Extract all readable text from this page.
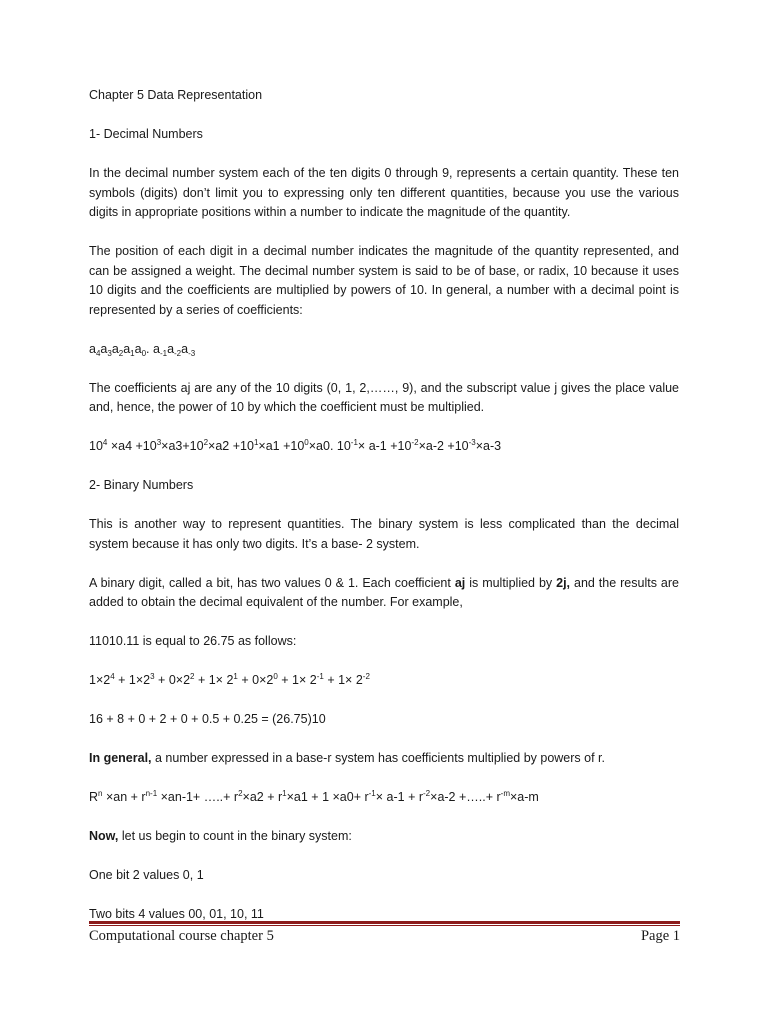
Chapter 5 Data Representation

1- Decimal Numbers

In the decimal number system each of the ten digits 0 through 9, represents a certain quantity. These ten symbols (digits) don’t limit you to expressing only ten different quantities, because you use the various digits in appropriate positions within a number to indicate the magnitude of the quantity.

The position of each digit in a decimal number indicates the magnitude of the quantity represented, and can be assigned a weight. The decimal number system is said to be of base, or radix, 10 because it uses 10 digits and the coefficients are multiplied by powers of 10. In general, a number with a decimal point is represented by a series of coefficients:

$a_4a_3a_2a_1a_0$. $a_{-1}a_{-2}a_{-3}$

The coefficients aj are any of the 10 digits (0, 1, 2,……, 9), and the subscript value j gives the place value and, hence, the power of 10 by which the coefficient must be multiplied.

$10^4 \times a4 +10^3\times a3+10^2\times a2 +10^1\times a1 +10^0\times a0$. $10^{-1}\times a-1 +10^{-2}\times a-2 +10^{-3}\times a-3$

2- Binary Numbers

This is another way to represent quantities. The binary system is less complicated than the decimal system because it has only two digits. It’s a base- 2 system.

A binary digit, called a bit, has two values 0 & 1. Each coefficient aj is multiplied by 2j, and the results are added to obtain the decimal equivalent of the number. For example,

11010.11 is equal to 26.75 as follows:

$1\times 2^4 + 1\times 2^3 + 0\times 2^2 + 1\times 2^1 + 0\times 2^0 + 1\times 2^{-1} + 1\times 2^{-2}$

16 + 8 + 0 + 2 + 0 + 0.5 + 0.25 = (26.75)10

In general, a number expressed in a base-r system has coefficients multiplied by powers of r.

$R^n \times an + r^{n-1} \times an-1+$ …..+ $r^2\times a2 + r^1\times a1 + 1 \times a0+ r^{-1}\times a-1 + r^{-2}\times a-2$ +…..+ $r^{-m}\times a-m$

Now, let us begin to count in the binary system:

One bit 2 values 0, 1

Two bits 4 values 00, 01, 10, 11

Computational course chapter 5	Page 1
